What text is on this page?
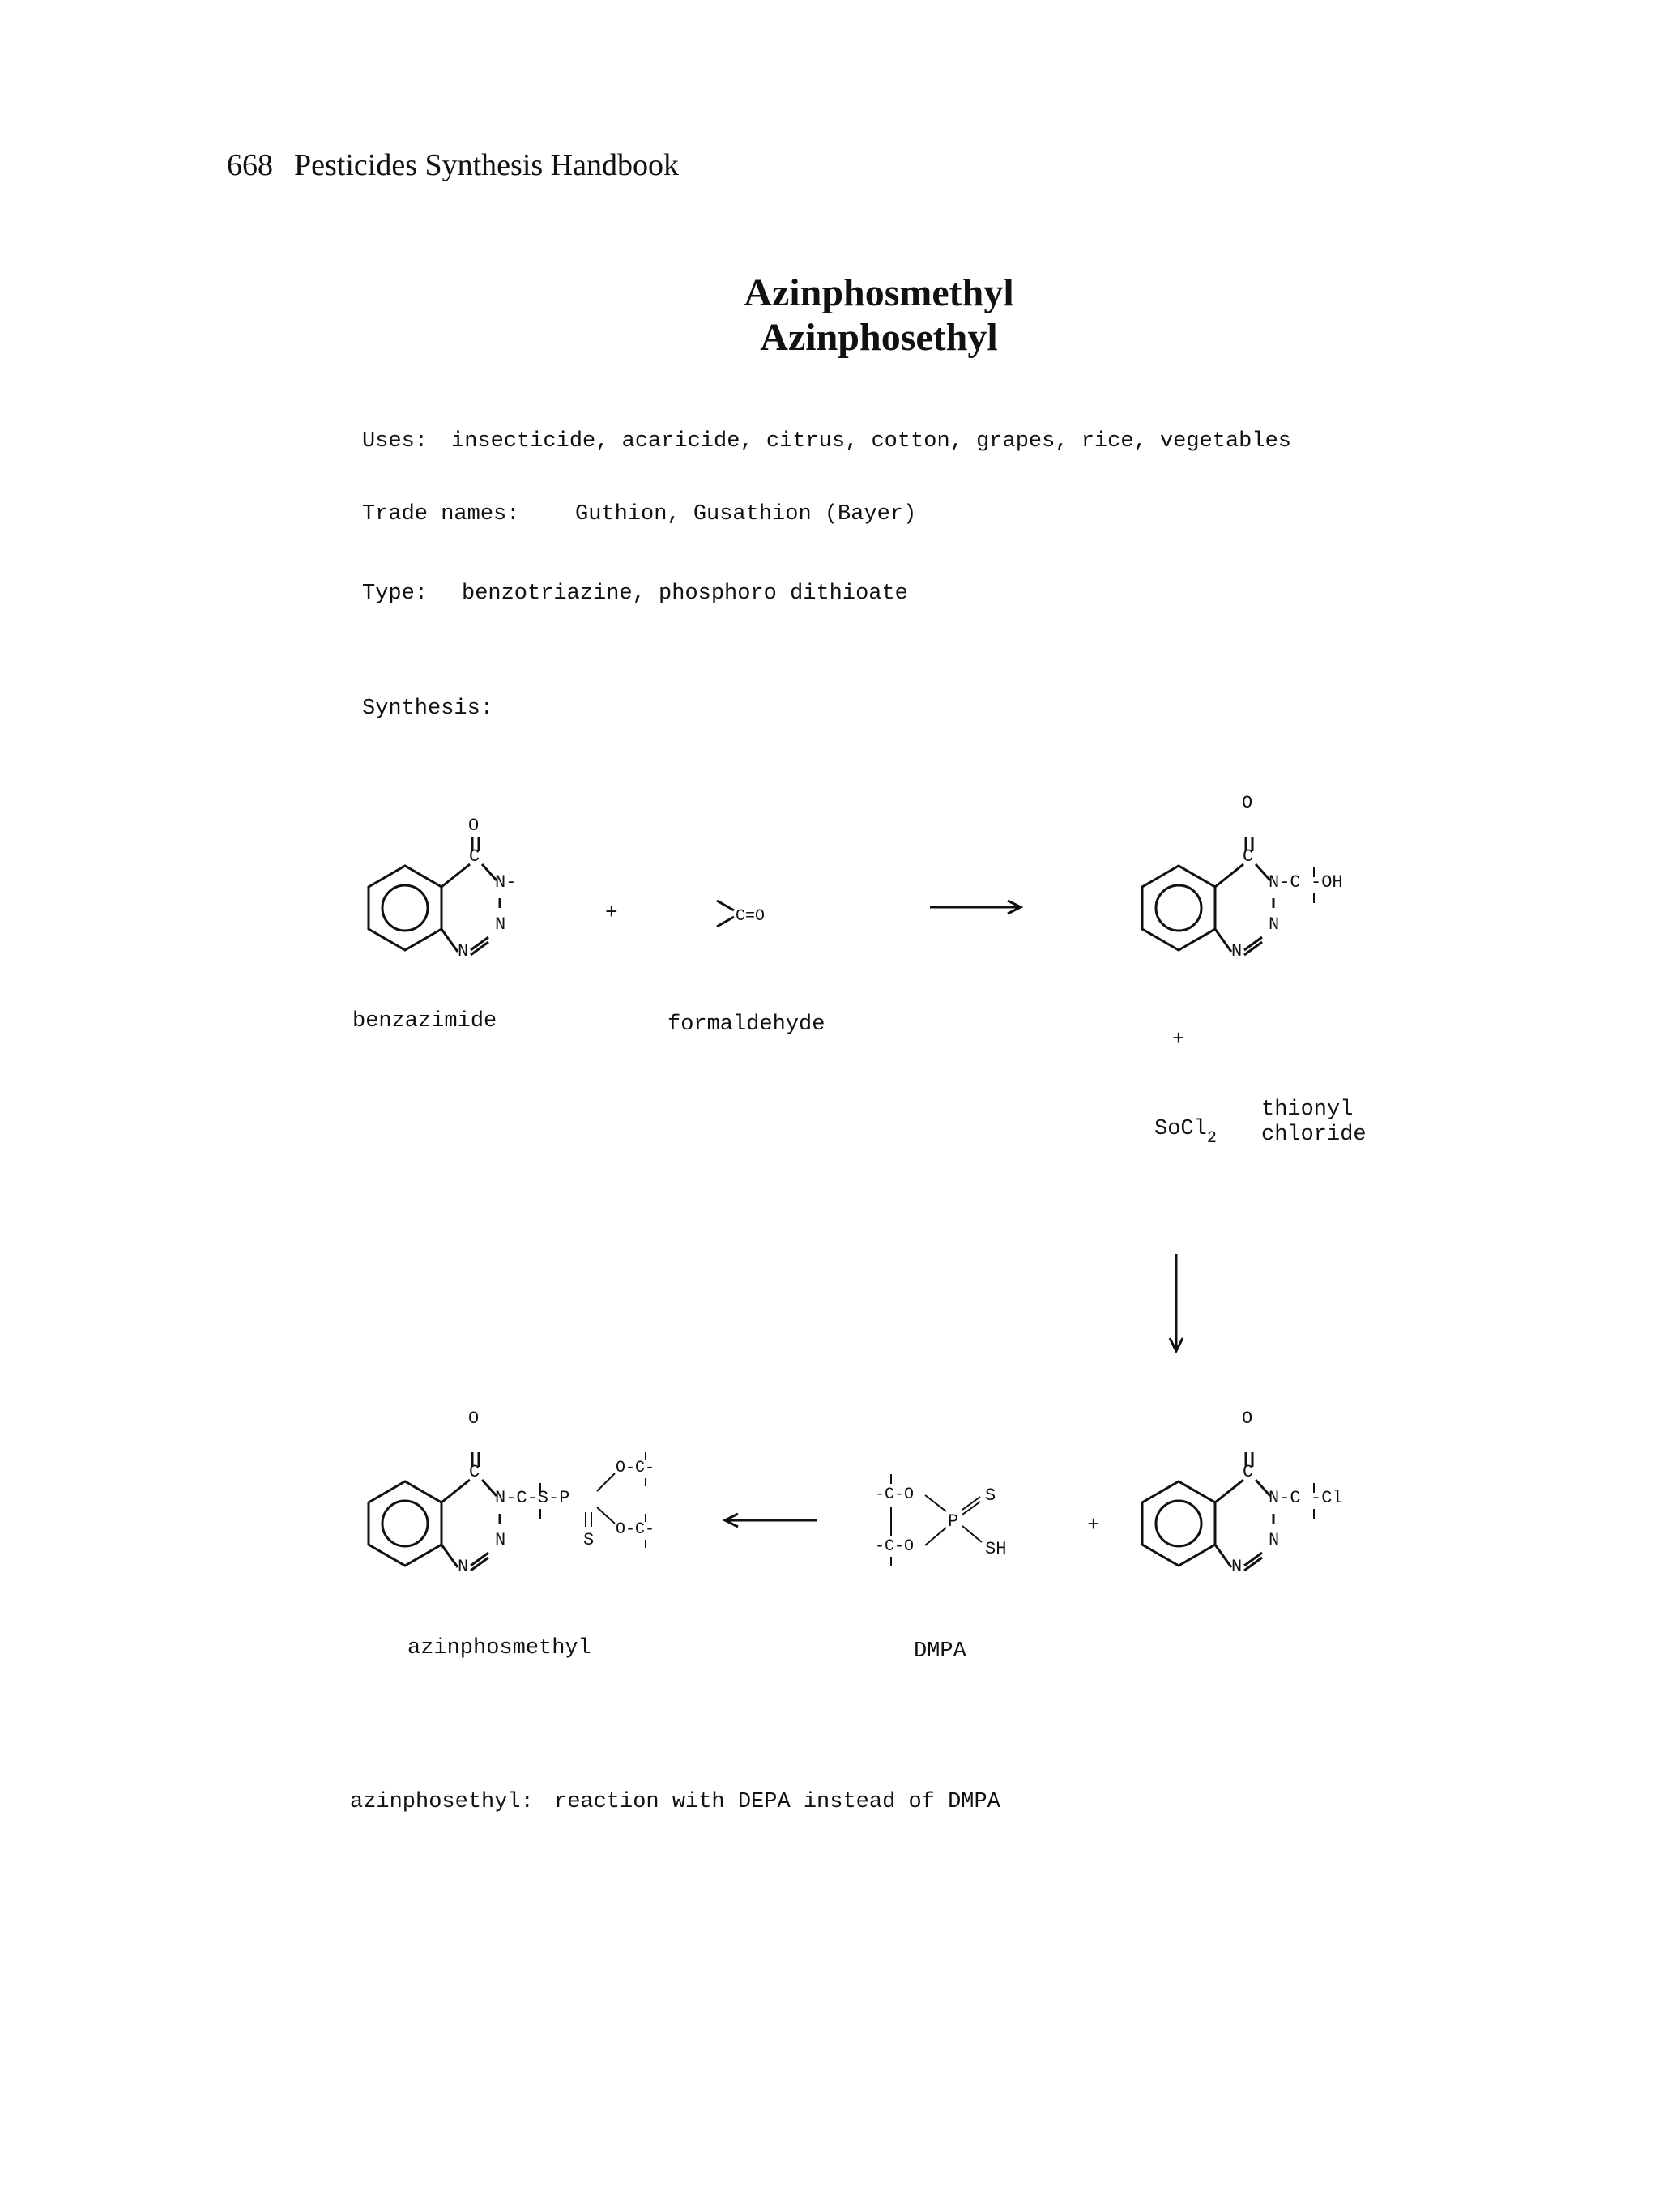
668 Pesticides Synthesis Handbook
Azinphosmethyl
Azinphosethyl
Uses: insecticide, acaricide, citrus, cotton, grapes, rice, vegetables
Trade names:	Guthion, Gusathion (Bayer)
Type: benzotriazine, phosphoro dithioate
Synthesis:
benzazimide	formaldehyde
thionyl
chloride
azinphosmethyl	DMPA
azinphosethyl: reaction with DEPA instead of DMPA
O
C
N-
N
N
+	C=O
O
C
N-C -OH
N
N
+
SoCl$_2$
O
C
N-C -Cl
N
N
+
-C-O
-C-O
P
S
SH
O
C
N-C-S-P
N
N
S
O-C-
O-C-
